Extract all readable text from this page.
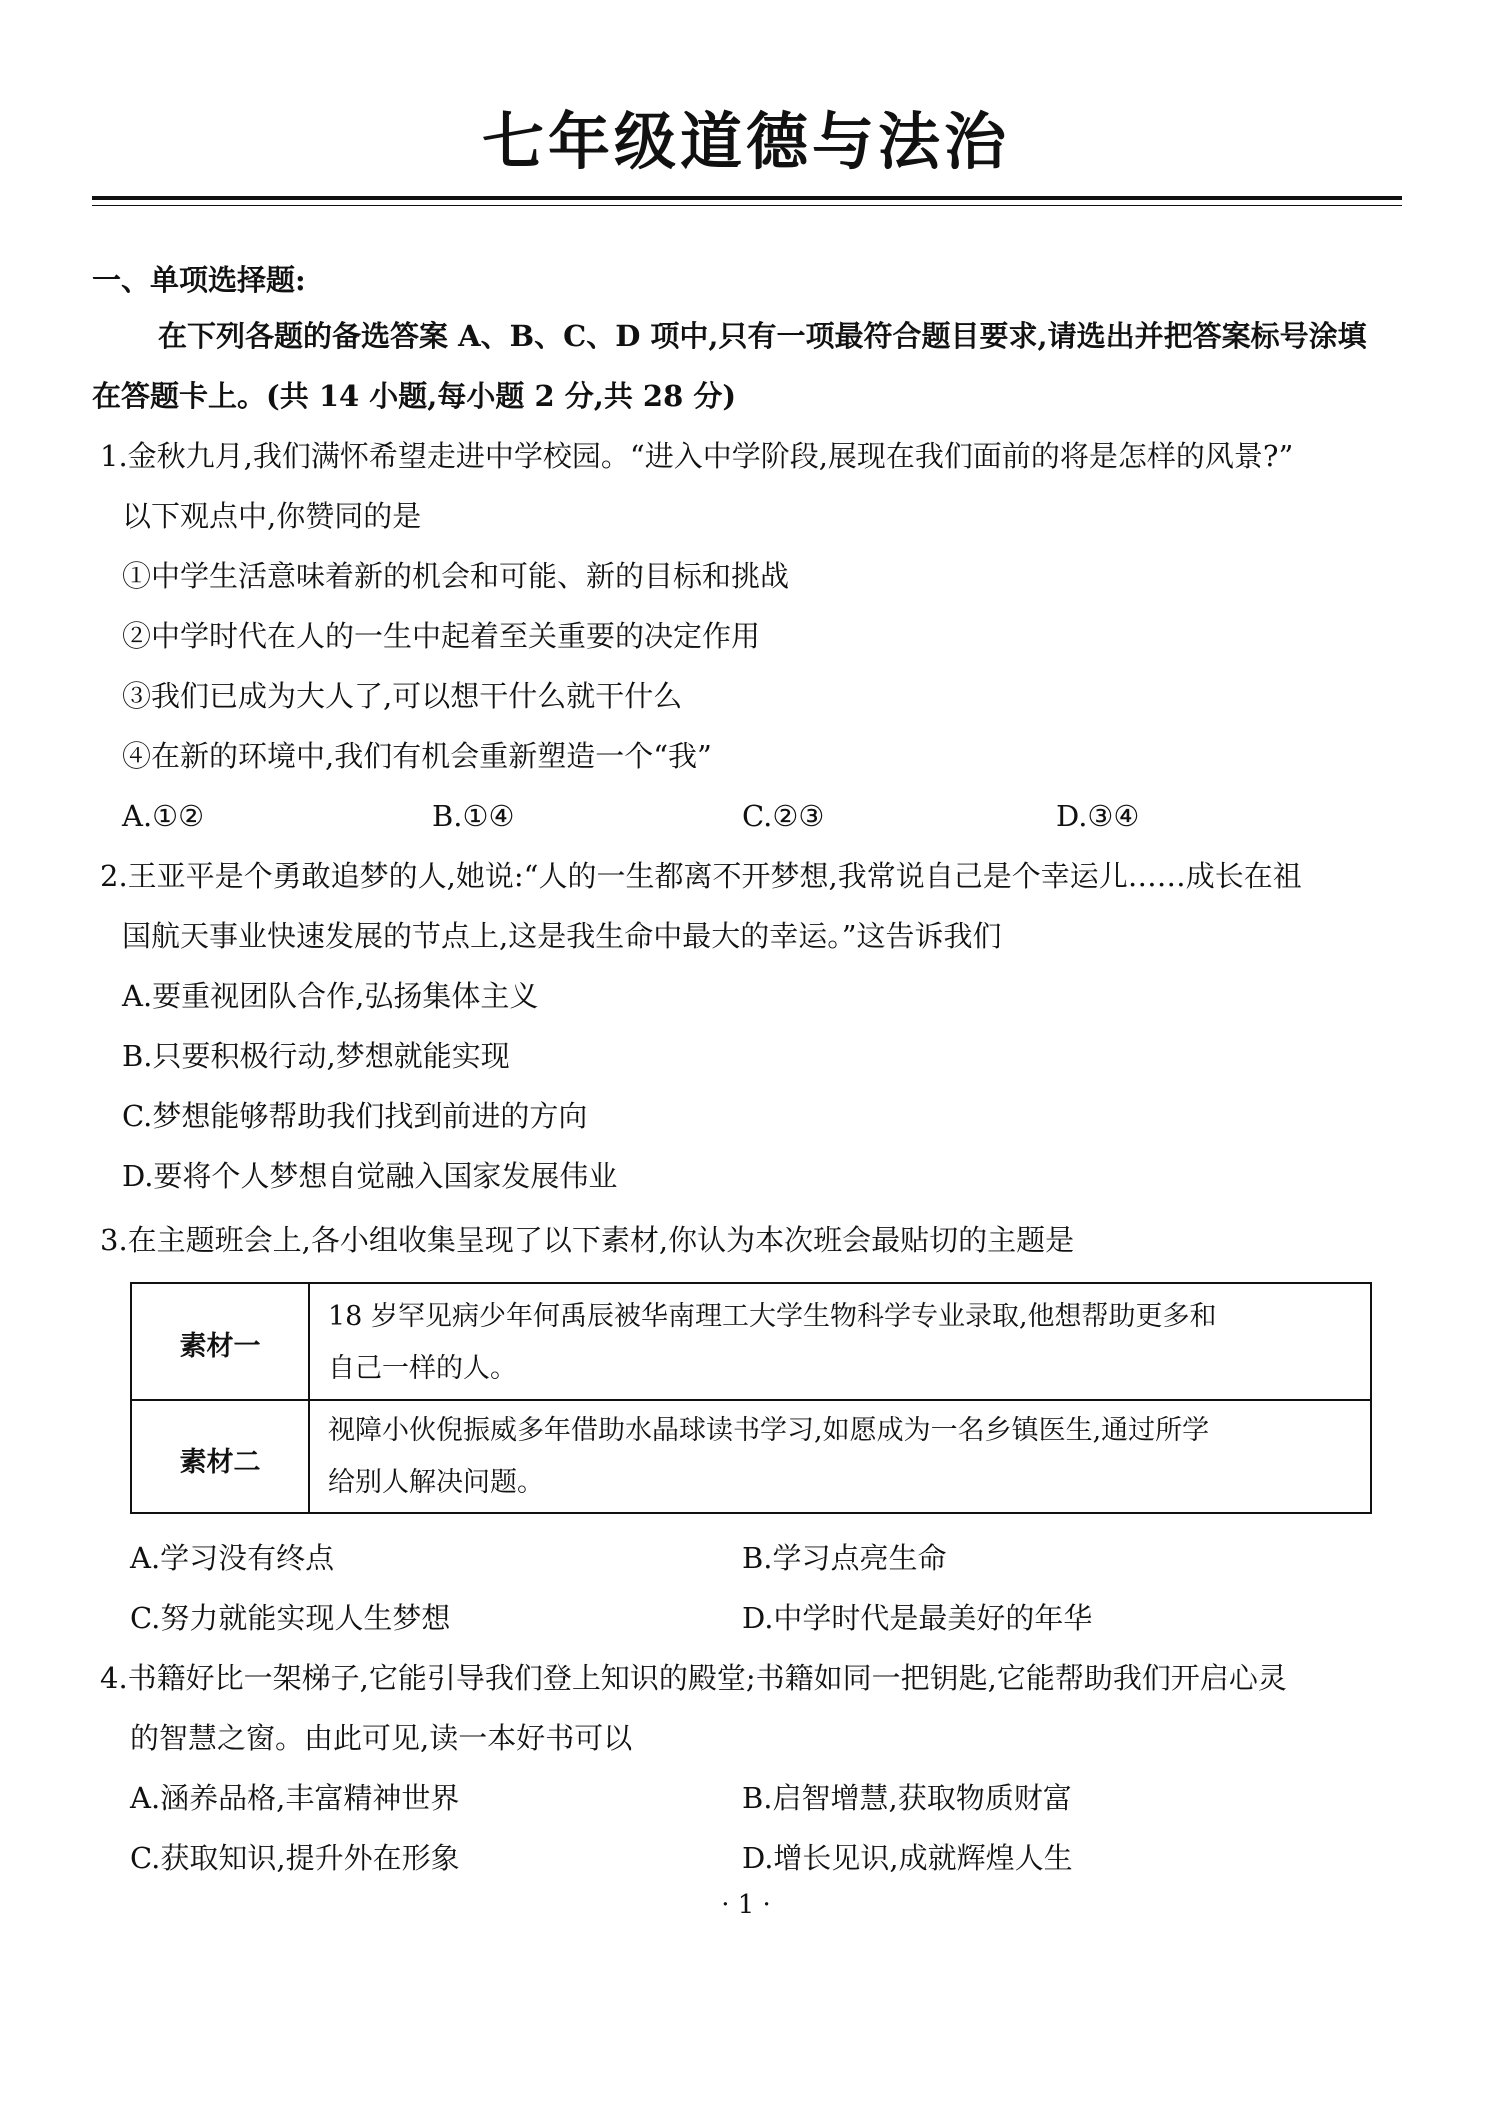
七年级道德与法治
一、单项选择题:
在下列各题的备选答案 A、B、C、D 项中,只有一项最符合题目要求,请选出并把答案标号涂填
在答题卡上。(共 14 小题,每小题 2 分,共 28 分)
1.金秋九月,我们满怀希望走进中学校园。“进入中学阶段,展现在我们面前的将是怎样的风景?”
以下观点中,你赞同的是
①中学生活意味着新的机会和可能、新的目标和挑战
②中学时代在人的一生中起着至关重要的决定作用
③我们已成为大人了,可以想干什么就干什么
④在新的环境中,我们有机会重新塑造一个“我”
A.①②	B.①④	C.②③	D.③④
2.王亚平是个勇敢追梦的人,她说:“人的一生都离不开梦想,我常说自己是个幸运儿……成长在祖
国航天事业快速发展的节点上,这是我生命中最大的幸运。”这告诉我们
A.要重视团队合作,弘扬集体主义
B.只要积极行动,梦想就能实现
C.梦想能够帮助我们找到前进的方向
D.要将个人梦想自觉融入国家发展伟业
3.在主题班会上,各小组收集呈现了以下素材,你认为本次班会最贴切的主题是
素材一
18 岁罕见病少年何禹辰被华南理工大学生物科学专业录取,他想帮助更多和
自己一样的人。
素材二
视障小伙倪振威多年借助水晶球读书学习,如愿成为一名乡镇医生,通过所学
给别人解决问题。
A.学习没有终点	B.学习点亮生命
C.努力就能实现人生梦想	D.中学时代是最美好的年华
4.书籍好比一架梯子,它能引导我们登上知识的殿堂;书籍如同一把钥匙,它能帮助我们开启心灵
的智慧之窗。由此可见,读一本好书可以
A.涵养品格,丰富精神世界	B.启智增慧,获取物质财富
C.获取知识,提升外在形象	D.增长见识,成就辉煌人生
· 1 ·
